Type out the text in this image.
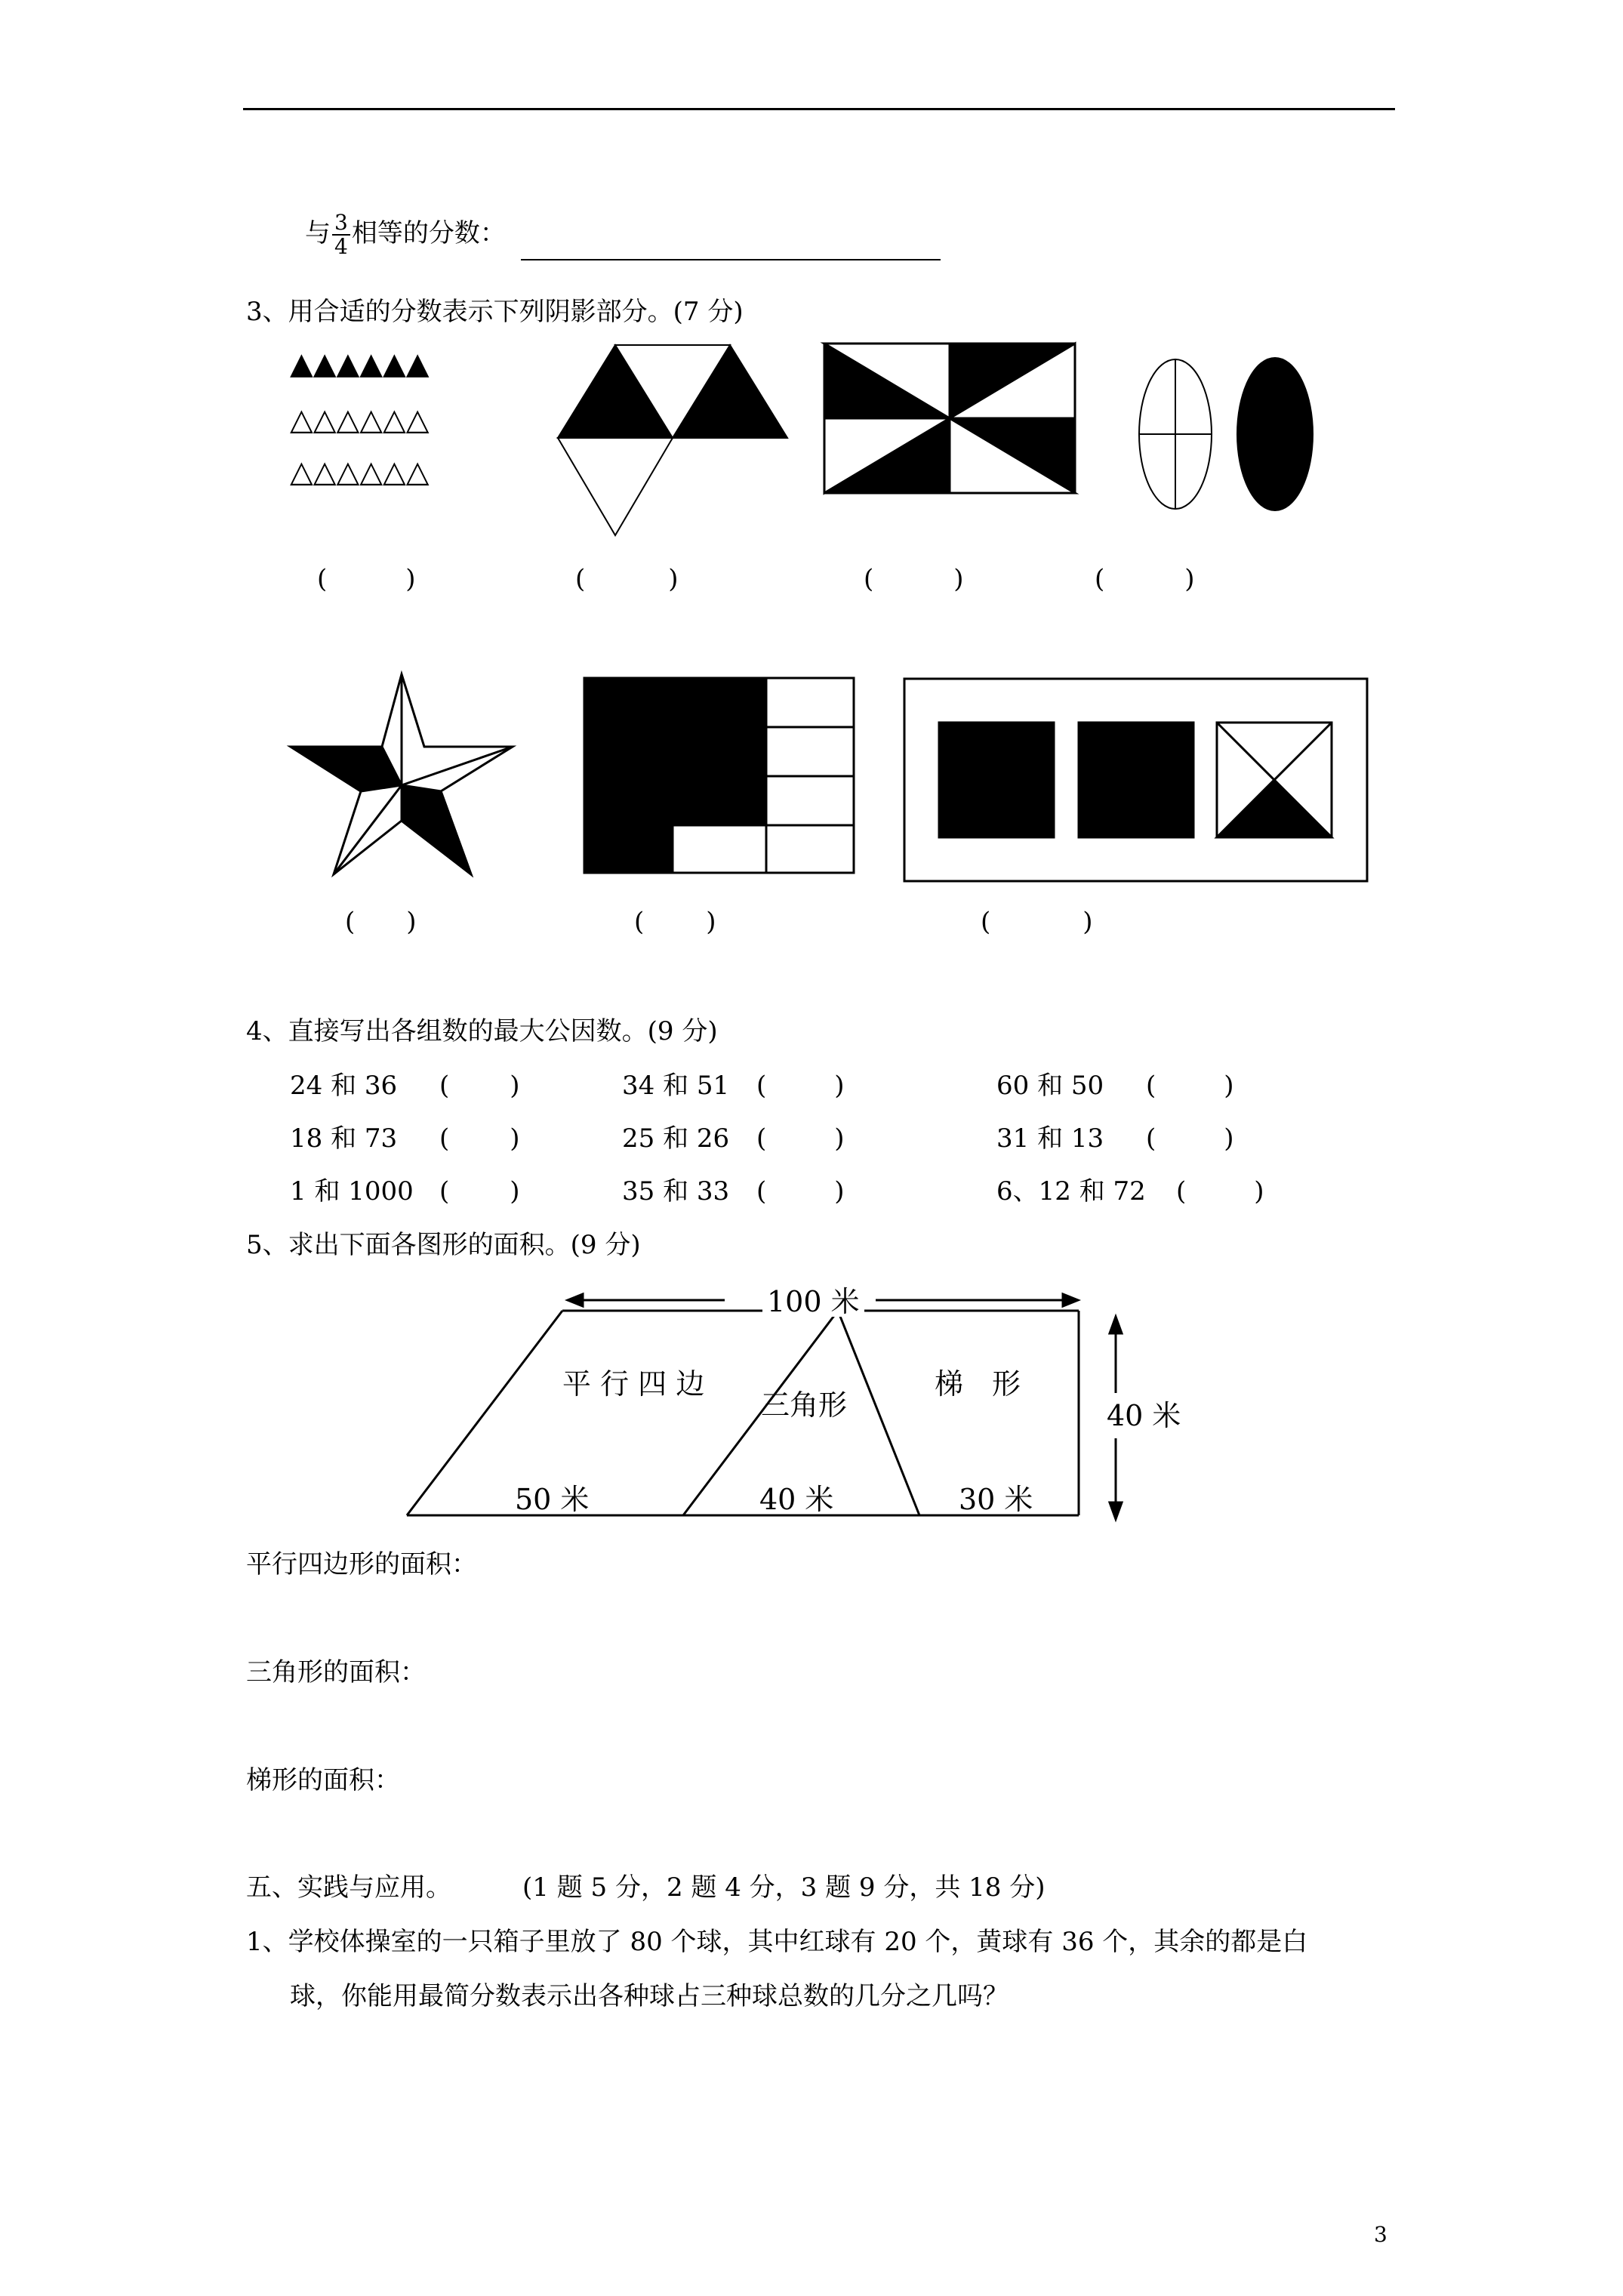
与 $\frac{3}{4}$ 相等的分数：
3、用合适的分数表示下列阴影部分。(7 分)
▲▲▲▲▲▲
△△△△△△
△△△△△△
(	)	(	)	(	)	(	)
( )	( )	(	)
4、直接写出各组数的最大公因数。(9 分)
24 和 36 ( )	34 和 51 (	)	60 和 50 (	)
18 和 73 ( )	25 和 26 (	)	31 和 13 (	)
1 和 1000 ( )	35 和 33 (	)	6、12 和 72 (	)
5、求出下面各图形的面积。(9 分)
100 米
平 行 四 边
三角形
梯　形
40 米
50 米	40 米	30 米
平行四边形的面积：
三角形的面积：
梯形的面积：
五、实践与应用。	(1 题 5 分，2 题 4 分，3 题 9 分，共 18 分)
1、学校体操室的一只箱子里放了 80 个球，其中红球有 20 个，黄球有 36 个，其余的都是白
球，你能用最简分数表示出各种球占三种球总数的几分之几吗？
3
